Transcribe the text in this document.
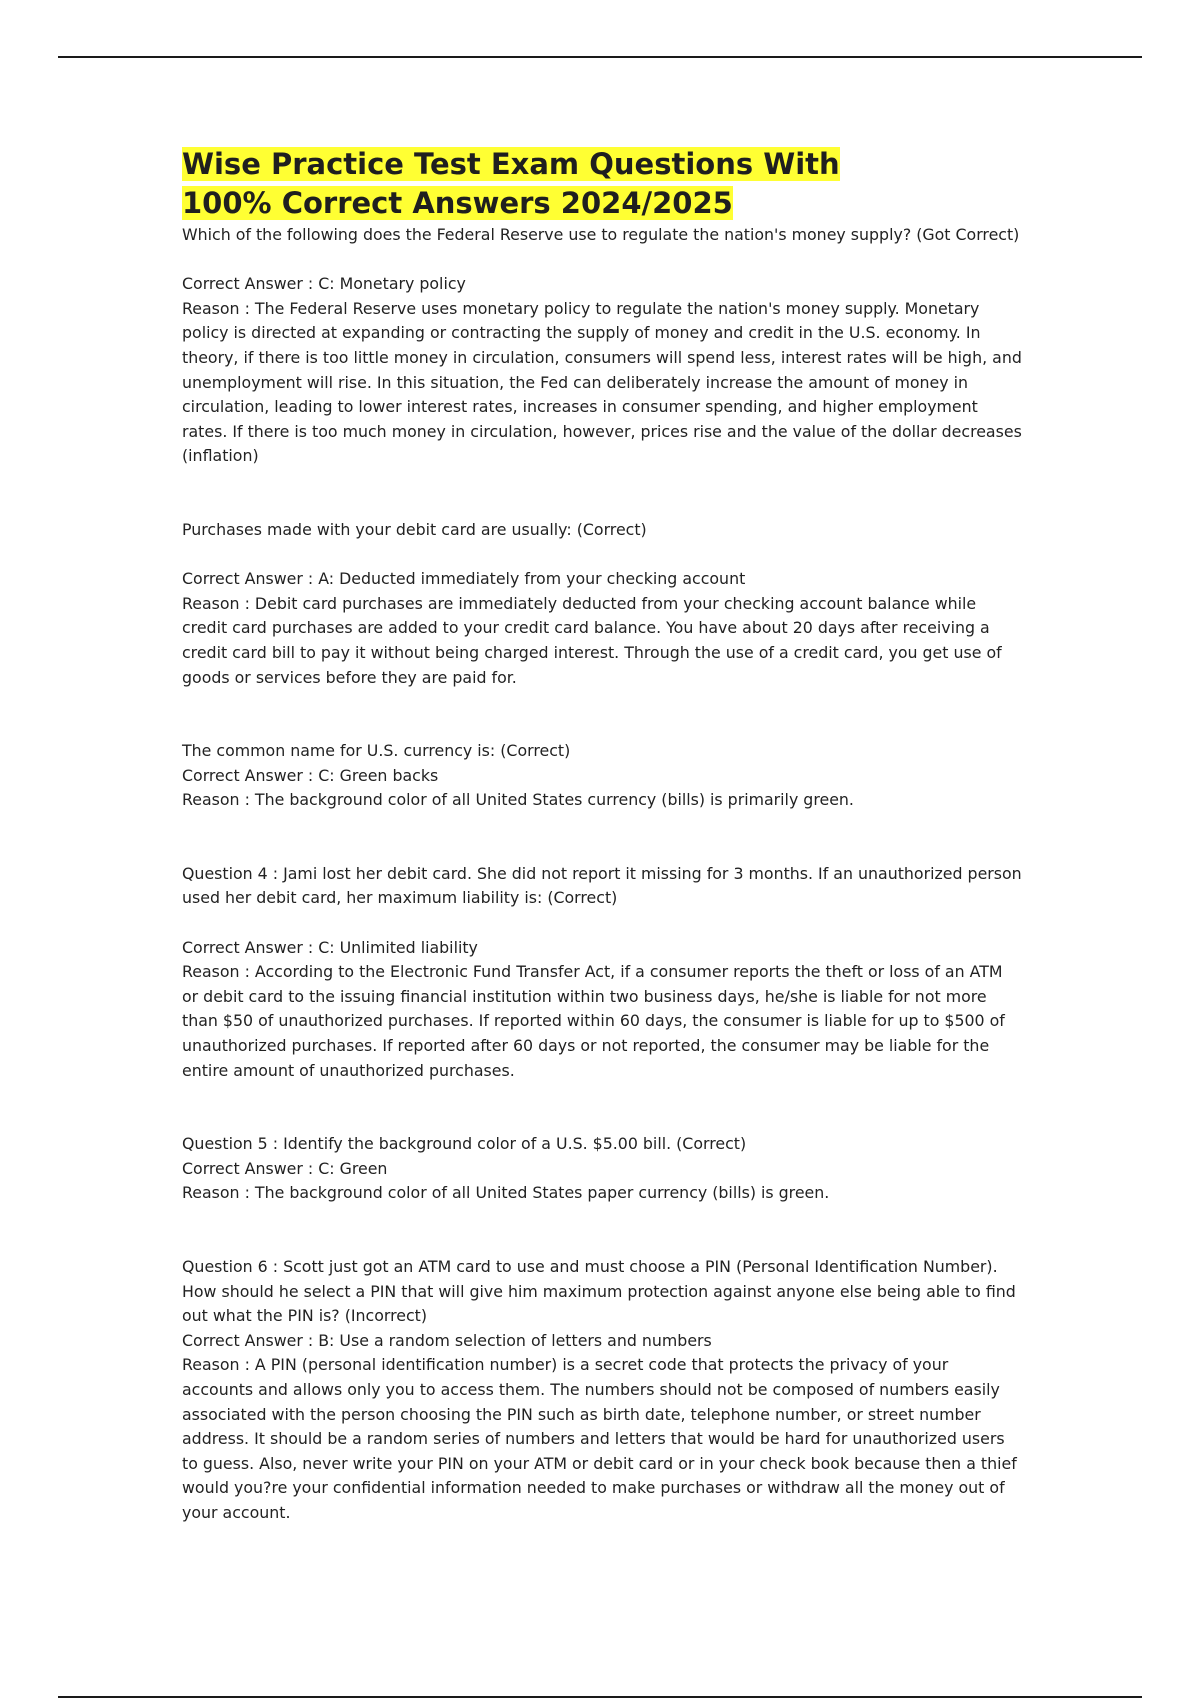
Wise Practice Test Exam Questions With
100% Correct Answers 2024/2025

Which of the following does the Federal Reserve use to regulate the nation's money supply? (Got Correct)

Correct Answer : C: Monetary policy

Reason : The Federal Reserve uses monetary policy to regulate the nation's money supply. Monetary policy is directed at expanding or contracting the supply of money and credit in the U.S. economy. In theory, if there is too little money in circulation, consumers will spend less, interest rates will be high, and unemployment will rise. In this situation, the Fed can deliberately increase the amount of money in circulation, leading to lower interest rates, increases in consumer spending, and higher employment rates. If there is too much money in circulation, however, prices rise and the value of the dollar decreases (inflation)

Purchases made with your debit card are usually: (Correct)

Correct Answer : A: Deducted immediately from your checking account

Reason : Debit card purchases are immediately deducted from your checking account balance while credit card purchases are added to your credit card balance. You have about 20 days after receiving a credit card bill to pay it without being charged interest. Through the use of a credit card, you get use of goods or services before they are paid for.

The common name for U.S. currency is: (Correct)

Correct Answer : C: Green backs

Reason : The background color of all United States currency (bills) is primarily green.

Question 4 : Jami lost her debit card. She did not report it missing for 3 months. If an unauthorized person used her debit card, her maximum liability is: (Correct)

Correct Answer : C: Unlimited liability

Reason : According to the Electronic Fund Transfer Act, if a consumer reports the theft or loss of an ATM or debit card to the issuing financial institution within two business days, he/she is liable for not more than $50 of unauthorized purchases. If reported within 60 days, the consumer is liable for up to $500 of unauthorized purchases. If reported after 60 days or not reported, the consumer may be liable for the entire amount of unauthorized purchases.

Question 5 : Identify the background color of a U.S. $5.00 bill. (Correct)

Correct Answer : C: Green

Reason : The background color of all United States paper currency (bills) is green.

Question 6 : Scott just got an ATM card to use and must choose a PIN (Personal Identification Number). How should he select a PIN that will give him maximum protection against anyone else being able to find out what the PIN is? (Incorrect)

Correct Answer : B: Use a random selection of letters and numbers

Reason : A PIN (personal identification number) is a secret code that protects the privacy of your accounts and allows only you to access them. The numbers should not be composed of numbers easily associated with the person choosing the PIN such as birth date, telephone number, or street number address. It should be a random series of numbers and letters that would be hard for unauthorized users to guess. Also, never write your PIN on your ATM or debit card or in your check book because then a thief would you?re your confidential information needed to make purchases or withdraw all the money out of your account.
